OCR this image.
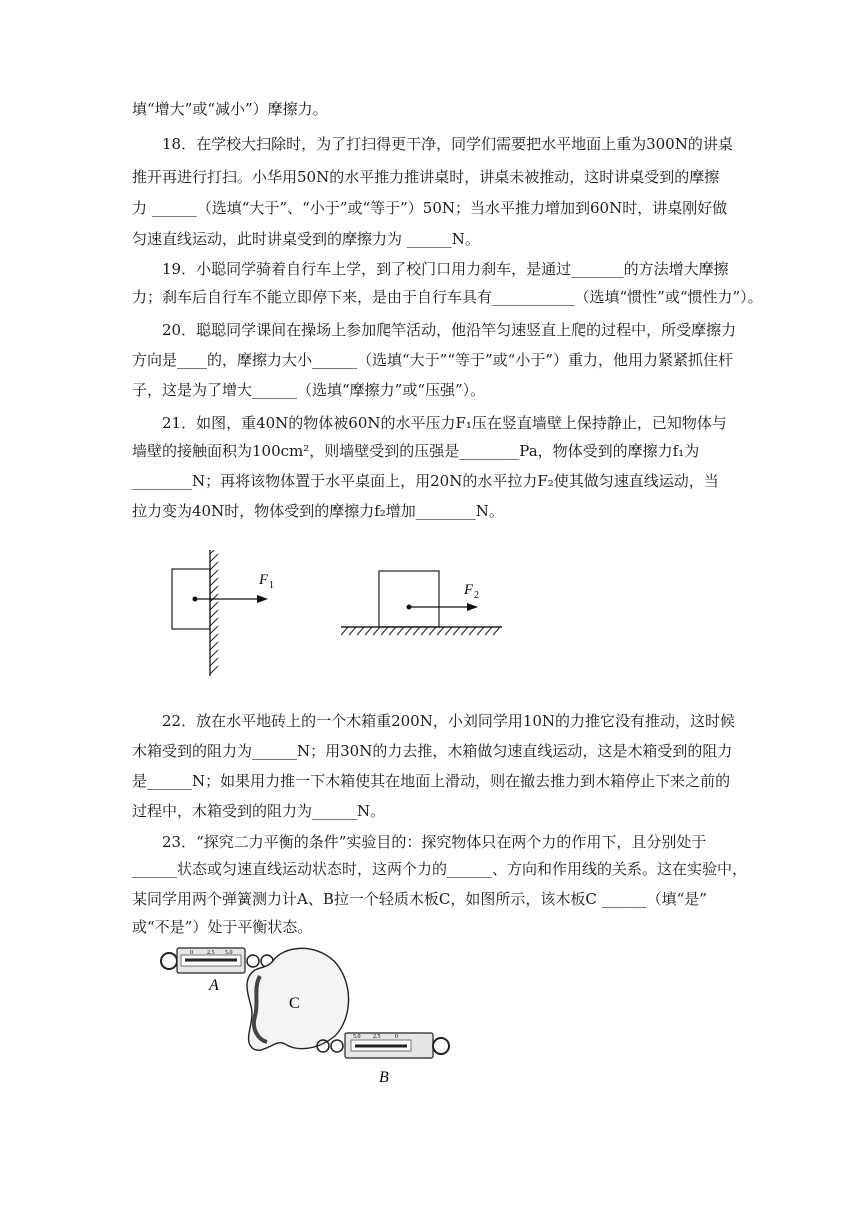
填“增大”或“减小”）摩擦力。
18．在学校大扫除时，为了打扫得更干净，同学们需要把水平地面上重为300N的讲桌
推开再进行打扫。小华用50N的水平推力推讲桌时，讲桌未被推动，这时讲桌受到的摩擦
力 ______（选填“大于”、“小于”或“等于”）50N；当水平推力增加到60N时，讲桌刚好做
匀速直线运动，此时讲桌受到的摩擦力为 ______N。
19．小聪同学骑着自行车上学，到了校门口用力刹车，是通过_______的方法增大摩擦
力；刹车后自行车不能立即停下来，是由于自行车具有___________（选填“惯性”或“惯性力”）。
20．聪聪同学课间在操场上参加爬竿活动，他沿竿匀速竖直上爬的过程中，所受摩擦力
方向是____的，摩擦力大小______（选填“大于”“等于”或“小于”）重力，他用力紧紧抓住杆
子，这是为了增大______（选填“摩擦力”或“压强”）。
21．如图，重40N的物体被60N的水平压力F₁压在竖直墙壁上保持静止，已知物体与
墙壁的接触面积为100cm²，则墙壁受到的压强是________Pa，物体受到的摩擦力f₁为
________N；再将该物体置于水平桌面上，用20N的水平拉力F₂使其做匀速直线运动，当
拉力变为40N时，物体受到的摩擦力f₂增加________N。
F 1	F 2
22．放在水平地砖上的一个木箱重200N，小刘同学用10N的力推它没有推动，这时候
木箱受到的阻力为______N；用30N的力去推，木箱做匀速直线运动，这是木箱受到的阻力
是______N；如果用力推一下木箱使其在地面上滑动，则在撤去推力到木箱停止下来之前的
过程中，木箱受到的阻力为______N。
23．“探究二力平衡的条件”实验目的：探究物体只在两个力的作用下，且分别处于
______状态或匀速直线运动状态时，这两个力的______、方向和作用线的关系。这在实验中，
某同学用两个弹簧测力计A、B拉一个轻质木板C，如图所示，该木板C ______（填“是”
或“不是”）处于平衡状态。
0 2.5 5.0
A
C
5.0 2.5 0
B
